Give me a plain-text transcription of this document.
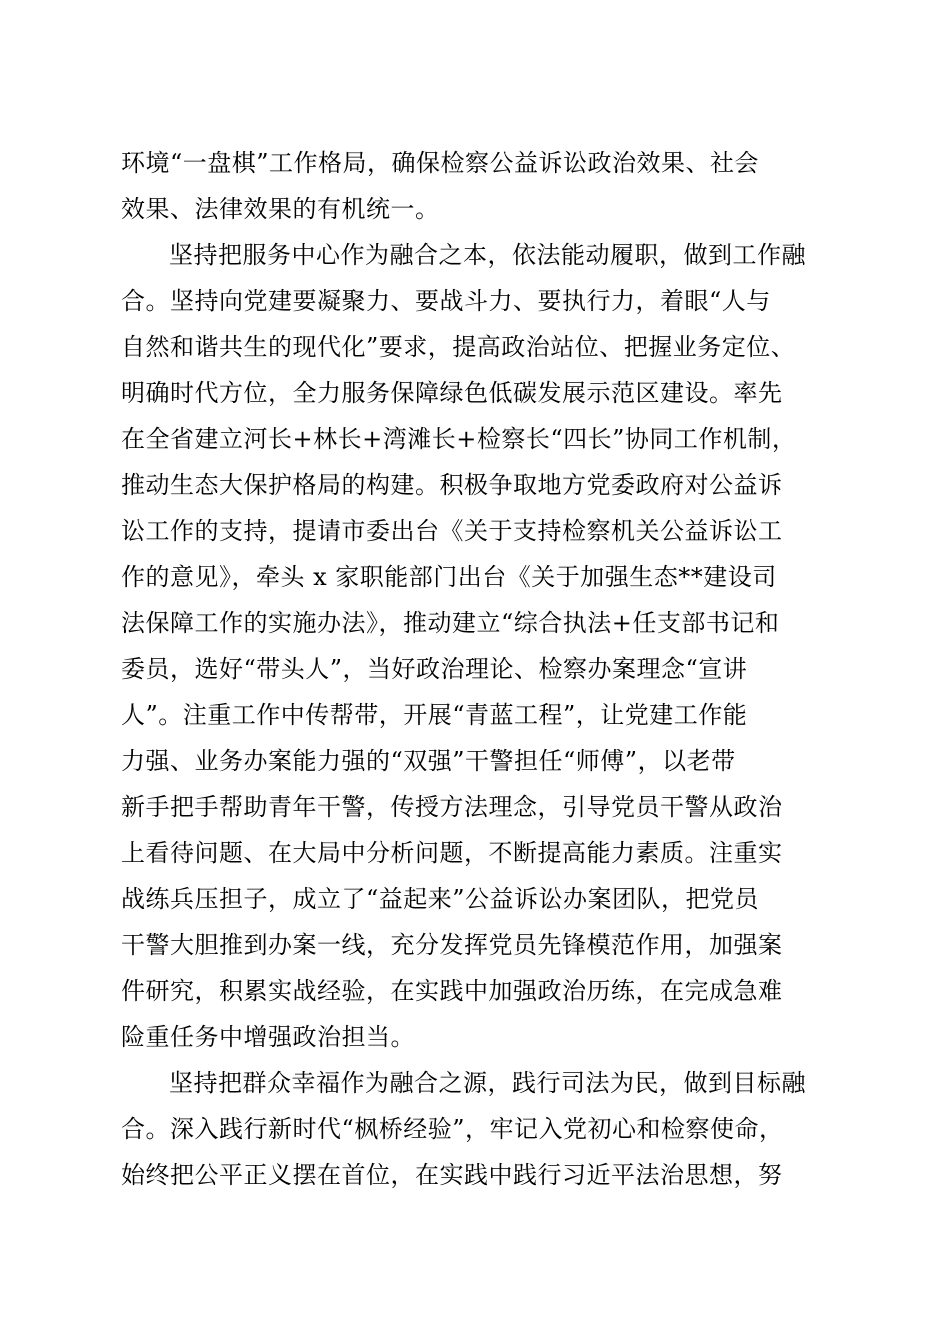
环境“一盘棋”工作格局，确保检察公益诉讼政治效果、社会
效果、法律效果的有机统一。
坚持把服务中心作为融合之本，依法能动履职，做到工作融
合。坚持向党建要凝聚力、要战斗力、要执行力，着眼“人与
自然和谐共生的现代化”要求，提高政治站位、把握业务定位、
明确时代方位，全力服务保障绿色低碳发展示范区建设。率先
在全省建立河长+林长+湾滩长+检察长“四长”协同工作机制，
推动生态大保护格局的构建。积极争取地方党委政府对公益诉
讼工作的支持，提请市委出台《关于支持检察机关公益诉讼工
作的意见》，牵头 x 家职能部门出台《关于加强生态**建设司
法保障工作的实施办法》，推动建立“综合执法+任支部书记和
委员，选好“带头人”，当好政治理论、检察办案理念“宣讲
人”。注重工作中传帮带，开展“青蓝工程”，让党建工作能
力强、业务办案能力强的“双强”干警担任“师傅”，以老带
新手把手帮助青年干警，传授方法理念，引导党员干警从政治
上看待问题、在大局中分析问题，不断提高能力素质。注重实
战练兵压担子，成立了“益起来”公益诉讼办案团队，把党员
干警大胆推到办案一线，充分发挥党员先锋模范作用，加强案
件研究，积累实战经验，在实践中加强政治历练，在完成急难
险重任务中增强政治担当。
坚持把群众幸福作为融合之源，践行司法为民，做到目标融
合。深入践行新时代“枫桥经验”，牢记入党初心和检察使命，
始终把公平正义摆在首位，在实践中践行习近平法治思想，努
